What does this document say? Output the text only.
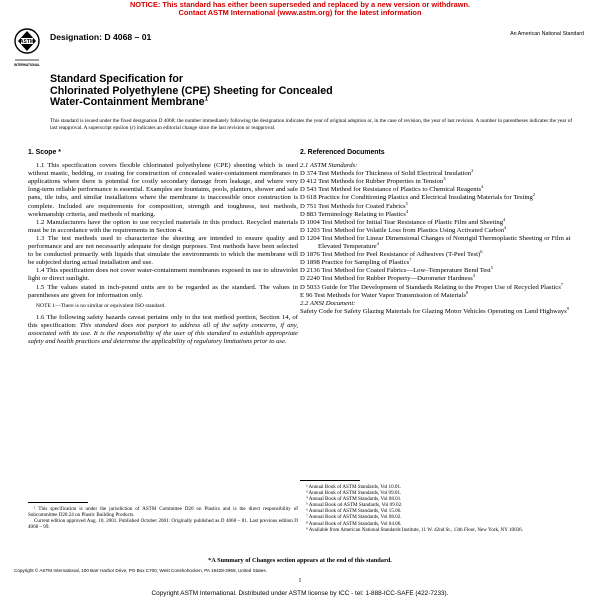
NOTICE: This standard has either been superseded and replaced by a new version or withdrawn.
Contact ASTM International (www.astm.org) for the latest information
ASTM
INTERNATIONAL
Designation: D 4068 – 01	An American National Standard
Standard Specification for
Chlorinated Polyethylene (CPE) Sheeting for Concealed
Water-Containment Membrane$^1$
This standard is issued under the fixed designation D 4068; the number immediately following the designation indicates the year of original adoption or, in the case of revision, the year of last revision. A number in parentheses indicates the year of last reapproval. A superscript epsilon (ε) indicates an editorial change since the last revision or reapproval.
1. Scope *

1.1 This specification covers flexible chlorinated polyethylene (CPE) sheeting which is used without mastic, bedding, or coating for construction of concealed water-containment membranes in applications where there is potential for costly secondary damage from leakage, and where very long-term reliable performance is essential. Examples are fountains, pools, planters, shower and safe pans, tile tubs, and similar installations where the membrane is inaccessible once construction is complete. Included are requirements for composition, strength and toughness, test methods, workmanship criteria, and methods of marking.

1.2 Manufacturers have the option to use recycled materials in this product. Recycled materials must be in accordance with the requirements in Section 4.

1.3 The test methods used to characterize the sheeting are intended to ensure quality and performance and are not necessarily adequate for design purposes. Test methods have been selected to be conducted primarily with liquids that simulate the environments to which the membrane will be subjected during actual installation and use.

1.4 This specification does not cover water-containment membranes exposed in use to ultraviolet light or direct sunlight.

1.5 The values stated in inch-pound units are to be regarded as the standard. The values in parentheses are given for information only.

NOTE 1—There is no similar or equivalent ISO standard.

1.6 The following safety hazards caveat pertains only to the test method portion, Section 14, of this specification: This standard does not purport to address all of the safety concerns, if any, associated with its use. It is the responsibility of the user of this standard to establish appropriate safety and health practices and determine the applicability of regulatory limitations prior to use.

2. Referenced Documents

2.1 ASTM Standards:

D 374 Test Methods for Thickness of Solid Electrical Insulation$^2$

D 412 Test Methods for Rubber Properties in Tension$^3$

D 543 Test Method for Resistance of Plastics to Chemical Reagents$^4$

D 618 Practice for Conditioning Plastics and Electrical Insulating Materials for Testing$^2$

D 751 Test Methods for Coated Fabrics$^5$

D 883 Terminology Relating to Plastics$^4$

D 1004 Test Method for Initial Tear Resistance of Plastic Film and Sheeting$^4$

D 1203 Test Method for Volatile Loss from Plastics Using Activated Carbon$^4$

D 1204 Test Method for Linear Dimensional Changes of Nonrigid Thermoplastic Sheeting or Film at Elevated Temperature$^4$

D 1876 Test Method for Peel Resistance of Adhesives (T-Peel Test)$^6$

D 1898 Practice for Sampling of Plastics$^7$

D 2136 Test Method for Coated Fabrics—Low–Temperature Bend Test$^5$

D 2240 Test Method for Rubber Property—Durometer Hardness$^3$

D 5033 Guide for The Development of Standards Relating to the Proper Use of Recycled Plastics$^7$

E 96 Test Methods for Water Vapor Transmission of Materials$^8$

2.2 ANSI Document:

Safety Code for Safety Glazing Materials for Glazing Motor Vehicles Operating on Land Highways$^9$

² Annual Book of ASTM Standards, Vol 10.01.

³ Annual Book of ASTM Standards, Vol 09.01.

⁴ Annual Book of ASTM Standards, Vol 08.01.

⁵ Annual Book od ASTM Standards, Vol 09.02.

⁶ Annual Book of ASTM Standards, Vol 15.06.

⁷ Annual Book of ASTM Standards, Vol 08.02.

⁸ Annual Book of ASTM Standards, Vol 04.06.

⁹ Available from American National Standards Institute, 11 W. 42nd St., 13th Floor, New York, NY 10036.

¹ This specification is under the jurisdiction of ASTM Committee D20 on Plastics and is the direct responsibility of Subcommittee D20.24 on Plastic Building Products.

Current edition approved Aug. 10, 2001. Published October 2001. Originally published as D 4068 – 81. Last previous edition D 4068 – 99.

*A Summary of Changes section appears at the end of this standard.
Copyright © ASTM International, 100 Barr Harbor Drive, PO Box C700, West Conshohocken, PA 19428-2959, United States.
1
Copyright ASTM International. Distributed under ASTM license by ICC - tel: 1-888-ICC-SAFE (422-7233).
